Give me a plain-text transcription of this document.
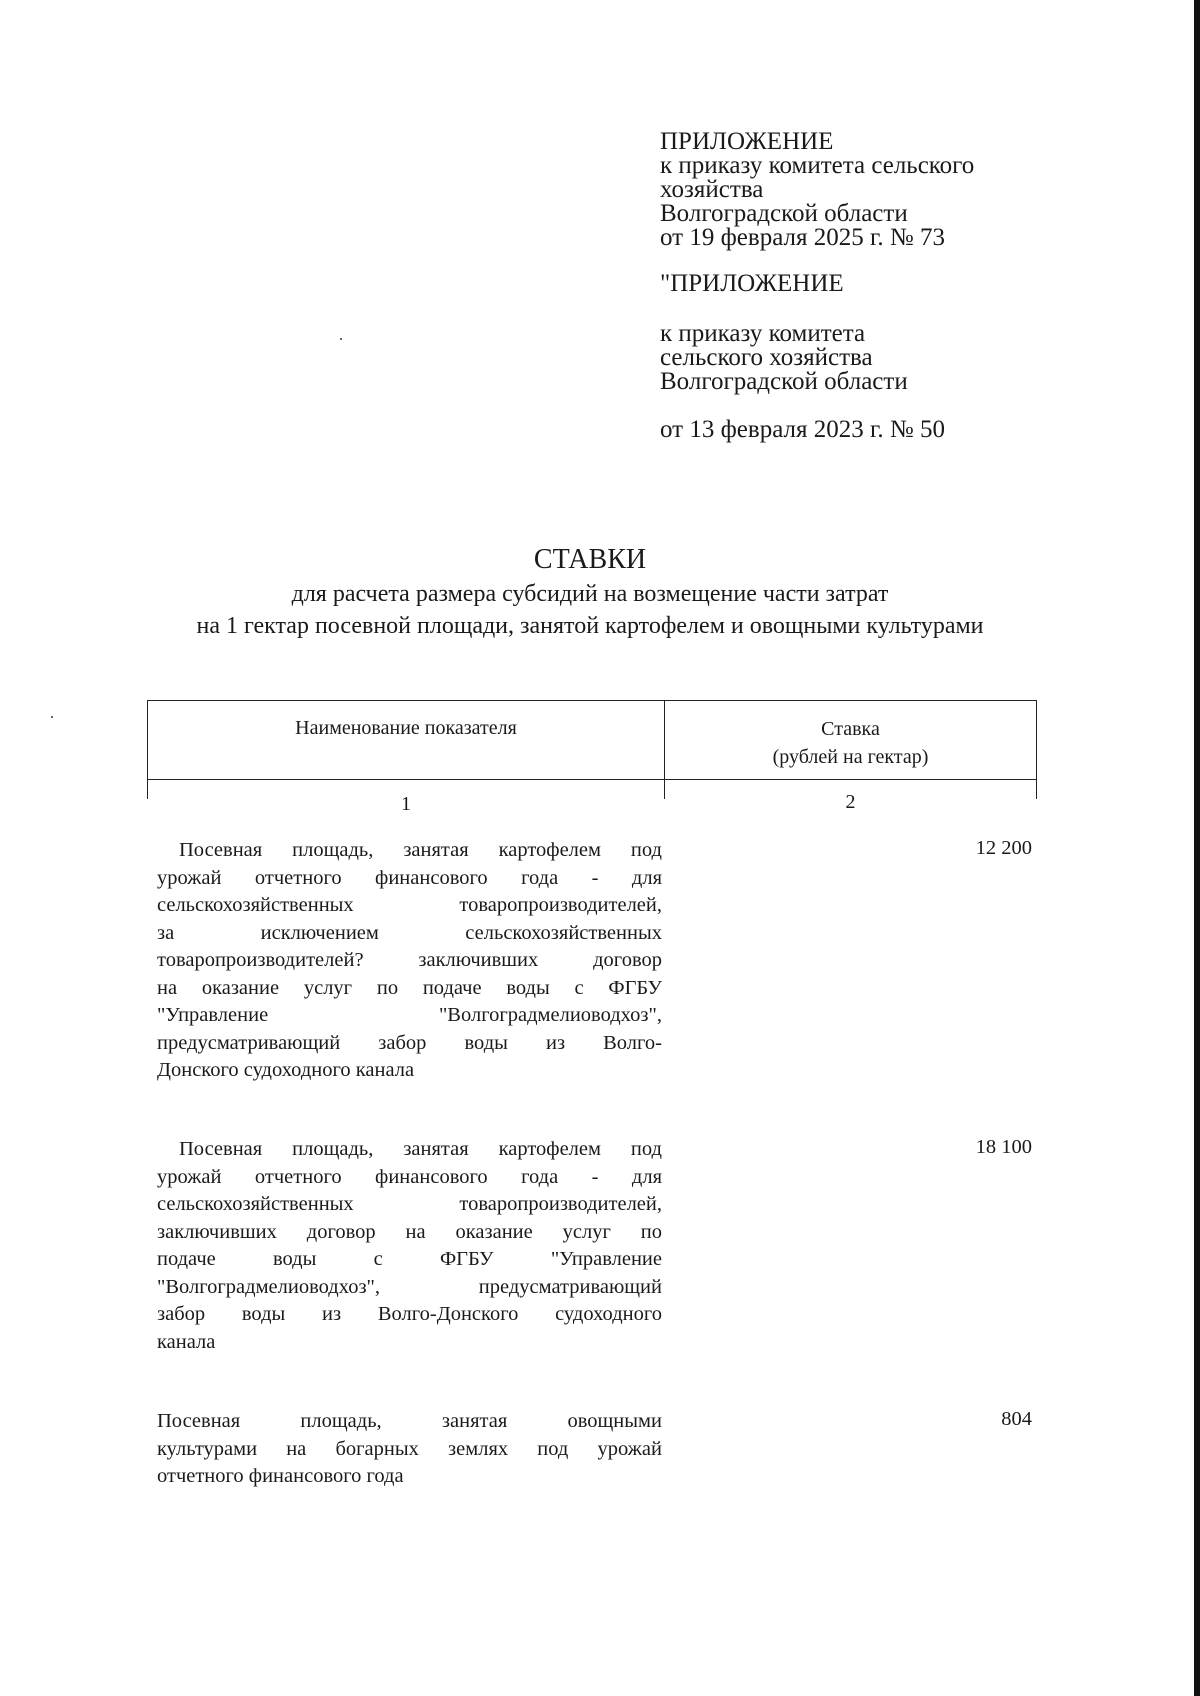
ПРИЛОЖЕНИЕ
к приказу комитета сельского
хозяйства
Волгоградской области
от 19 февраля 2025 г. № 73
"ПРИЛОЖЕНИЕ
к приказу комитета
сельского хозяйства
Волгоградской области
от 13 февраля 2023 г. № 50
СТАВКИ
для расчета размера субсидий на возмещение части затрат
на 1 гектар посевной площади, занятой картофелем и овощными культурами
Наименование показателя	Ставка
(рублей на гектар)
1	2
Посевная площадь, занятая картофелем под
урожай отчетного финансового года - для
сельскохозяйственных товаропроизводителей,
за исключением сельскохозяйственных
товаропроизводителей? заключивших договор
на оказание услуг по подаче воды с ФГБУ
"Управление "Волгоградмелиоводхоз",
предусматривающий забор воды из Волго-
Донского судоходного канала
12 200
Посевная площадь, занятая картофелем под
урожай отчетного финансового года - для
сельскохозяйственных товаропроизводителей,
заключивших договор на оказание услуг по
подаче воды с ФГБУ "Управление
"Волгоградмелиоводхоз", предусматривающий
забор воды из Волго-Донского судоходного
канала
18 100
Посевная площадь, занятая овощными
культурами на богарных землях под урожай
отчетного финансового года
804
